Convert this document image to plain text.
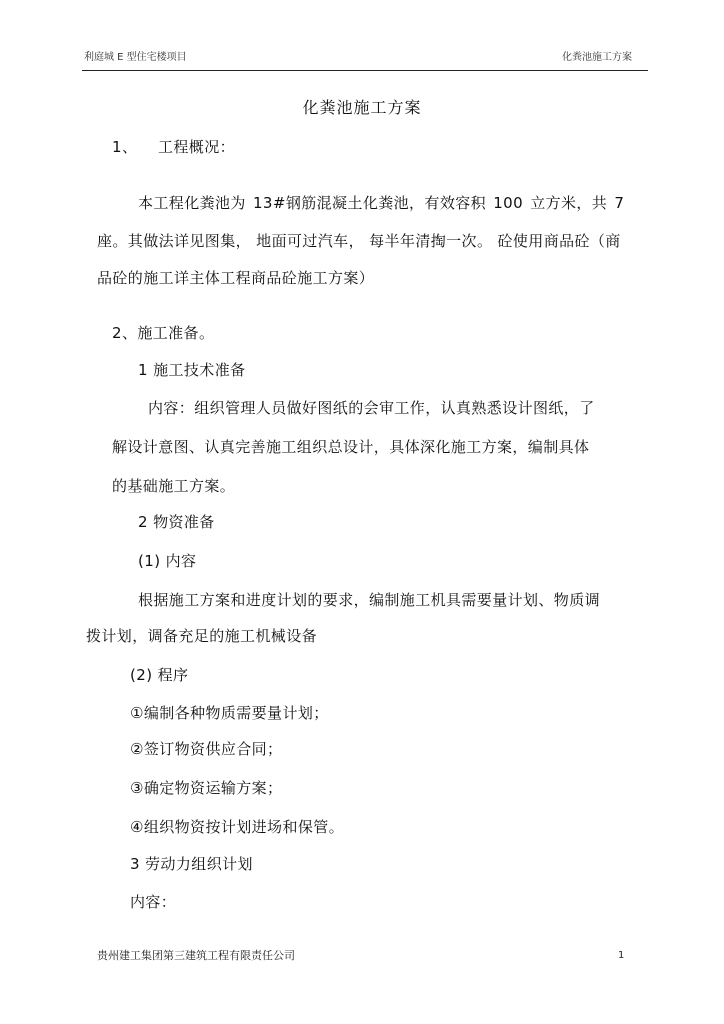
利庭城 E 型住宅楼项目	化粪池施工方案
化粪池施工方案
1、 工程概况：
本工程化粪池为 13#钢筋混凝土化粪池，有效容积 100 立方米，共 7
座。其做法详见图集， 地面可过汽车， 每半年清掏一次。 砼使用商品砼（商
品砼的施工详主体工程商品砼施工方案）
2、施工准备。
1 施工技术准备
内容：组织管理人员做好图纸的会审工作，认真熟悉设计图纸，了
解设计意图、认真完善施工组织总设计，具体深化施工方案，编制具体
的基础施工方案。
2 物资准备
(1) 内容
根据施工方案和进度计划的要求，编制施工机具需要量计划、物质调
拨计划，调备充足的施工机械设备
(2) 程序
①编制各种物质需要量计划；
②签订物资供应合同；
③确定物资运输方案；
④组织物资按计划进场和保管。
3 劳动力组织计划
内容：
贵州建工集团第三建筑工程有限责任公司	1
